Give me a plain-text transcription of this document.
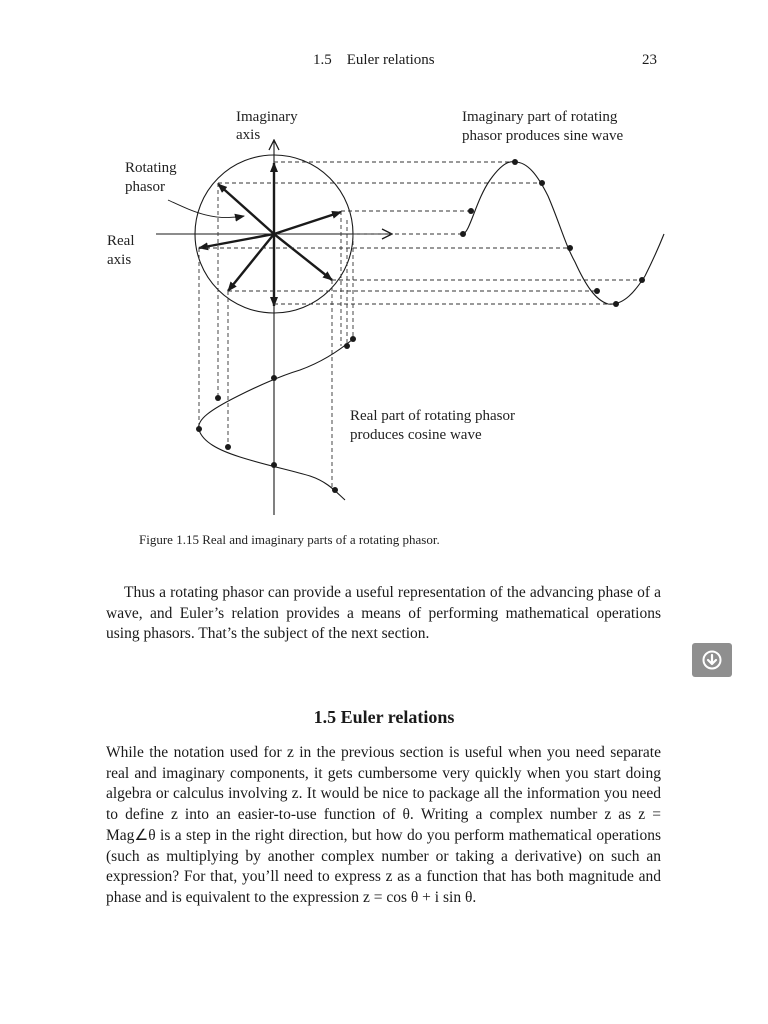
1.5    Euler relations	23
Imaginary
axis
Imaginary part of rotating
phasor produces sine wave
Rotating
phasor
Real
axis
Real part of rotating phasor
produces cosine wave
Figure 1.15 Real and imaginary parts of a rotating phasor.

Thus a rotating phasor can provide a useful representation of the advancing phase of a wave, and Euler’s relation provides a means of performing mathematical operations using phasors. That’s the subject of the next section.

1.5 Euler relations

While the notation used for z in the previous section is useful when you need separate real and imaginary components, it gets cumbersome very quickly when you start doing algebra or calculus involving z. It would be nice to package all the information you need to define z into an easier-to-use function of θ. Writing a complex number z as z = Mag∠θ is a step in the right direction, but how do you perform mathematical operations (such as multiplying by another complex number or taking a derivative) on such an expression? For that, you’ll need to express z as a function that has both magnitude and phase and is equivalent to the expression z = cos θ + i sin θ.
